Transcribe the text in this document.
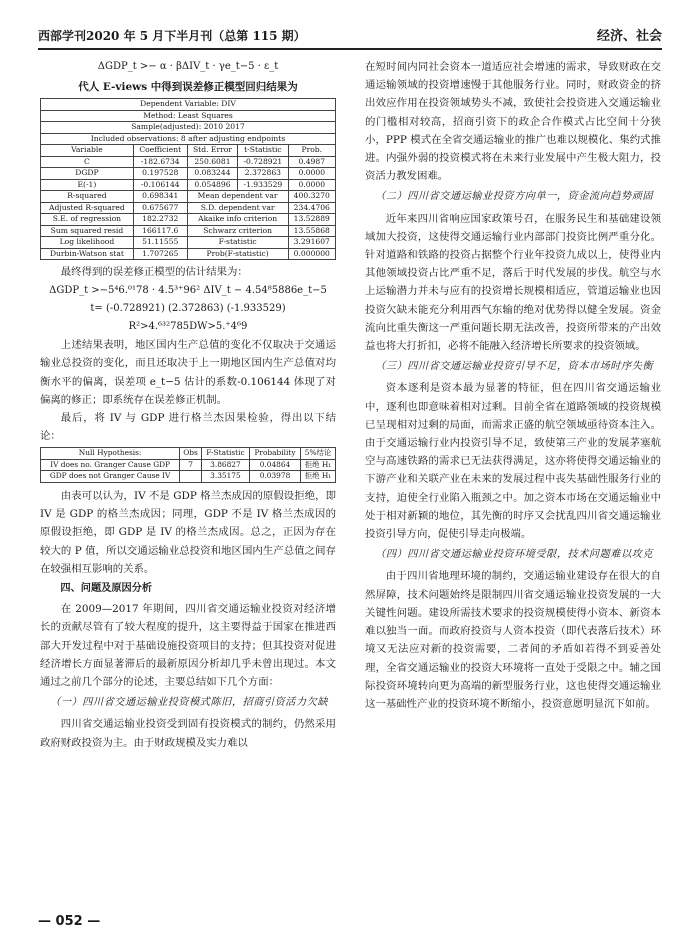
西部学刊2020 年 5 月下半月刊（总第 115 期）	经济、社会
ΔGDP_t >− α · βΔIV_t · γe_t−5 · ε_t
代人 E-views 中得到误差修正模型回归结果为
Dependent Variable: DIV				
Method: Least Squares				
Sample(adjusted): 2010 2017				
Included observations: 8 after adjusting endpoints				
Variable	Coefficient	Std. Error	t-Statistic	Prob.
C	-182.6734	250.6081	-0.728921	0.4987
DGDP	0.197528	0.083244	2.372863	0.0000
E(-1)	-0.106144	0.054896	-1.933529	0.0000
R-squared	0.698341	Mean dependent var		400.3270
Adjusted R-squared	0.675677	S.D. dependent var		234.4706
S.E. of regression	182.2732	Akaike info criterion		13.52889
Sum squared resid	166117.6	Schwarz criterion		13.55868
Log likelihood	51.11555	F-statistic		3.291607
Durbin-Watson stat	1.707265	Prob(F-statistic)		0.000000

最终得到的误差修正模型的估计结果为：

ΔGDP_t >−5⁴6.⁰¹78 · 4.5³⁺96² ΔIV_t − 4.54⁸5886e_t−5
t= (-0.728921) (2.372863) (-1.933529)
R²>4.⁶³²785DW>5.⁺4⁶9

上述结果表明，地区国内生产总值的变化不仅取决于交通运输业总投资的变化，而且还取决于上一期地区国内生产总值对均衡水平的偏离，误差项 e_t−5 估计的系数-0.106144 体现了对偏离的修正；即系统存在误差修正机制。

最后，将 IV 与 GDP 进行格兰杰因果检验，得出以下结论：

Null Hypothesis:	Obs	F-Statistic	Probability	5%结论
IV does no. Granger Cause GDP	7	3.86827	0.04864	拒绝 H₁
GDP does not Granger Cause IV		3.35175	0.03978	拒绝 H₁

由表可以认为，IV 不是 GDP 格兰杰成因的原假设拒绝，即 IV 是 GDP 的格兰杰成因；同理，GDP 不是 IV 格兰杰成因的原假设拒绝，即 GDP 是 IV 的格兰杰成因。总之，正因为存在较大的 P 值，所以交通运输业总投资和地区国内生产总值之间存在较强相互影响的关系。

四、问题及原因分析

在 2009—2017 年期间，四川省交通运输业投资对经济增长的贡献尽管有了较大程度的提升，这主要得益于国家在推进西部大开发过程中对于基础设施投资项目的支持；但其投资对促进经济增长方面显著滞后的最新原因分析却几乎未曾出现过。本文通过之前几个部分的论述，主要总结如下几个方面：

（一）四川省交通运输业投资模式陈旧，招商引资活力欠缺

四川省交通运输业投资受到固有投资模式的制约，仍然采用政府财政投资为主。由于财政规模及实力难以

在短时间内同社会资本一道适应社会增速的需求，导致财政在交通运输领域的投资增速慢于其他服务行业。同时，财政资金的挤出效应作用在投资领域势头不减，致使社会投资进入交通运输业的门槛相对较高，招商引资下的政企合作模式占比空间十分狭小，PPP 模式在全省交通运输业的推广也难以规模化、集约式推进。内强外弱的投资模式将在未来行业发展中产生极大阻力，投资活力教发困难。

（二）四川省交通运输业投资方向单一，资金流向趋势顽固

近年来四川省响应国家政策号召，在服务民生和基础建设领域加大投资，这使得交通运输行业内部部门投资比例严重分化。针对道路和铁路的投资占据整个行业年投资九成以上，使得业内其他领域投资占比严重不足，落后于时代发展的步伐。航空与水上运输潜力并未与应有的投资增长规模相适应，管道运输业也因投资欠缺未能充分利用西气东输的绝对优势得以健全发展。资金流向比重失衡这一严重问题长期无法改善，投资所带来的产出效益也将大打折扣，必将不能融入经济增长所要求的投资领域。

（三）四川省交通运输业投资引导不足，资本市场时序失衡

资本逐利是资本最为显著的特征，但在四川省交通运输业中，逐利也即意味着相对过剩。目前全省在道路领域的投资规模已呈现相对过剩的局面，而需求正盛的航空领域亟待资本注入。由于交通运输行业内投资引导不足，致使第三产业的发展茅塞航空与高速铁路的需求已无法获得满足，这亦将使得交通运输业的下游产业和关联产业在未来的发展过程中丧失基础性服务行业的支持，迫使全行业陷入瓶颈之中。加之资本市场在交通运输业中处于相对新颖的地位，其先衡的时序又会扰乱四川省交通运输业投资引导方向，促使引导走向极端。

（四）四川省交通运输业投资环境受限，技术问题难以攻克

由于四川省地理环境的制约，交通运输业建设存在很大的自然屏障，技术问题始终是限制四川省交通运输业投资发展的一大关键性问题。建设所需技术要求的投资规模使得小资本、新资本难以独当一面。而政府投资与人资本投资（即代表落后技术）环境又无法应对新的投资需要，二者间的矛盾如若得不到妥善处理，全省交通运输业的投资大环境将一直处于受限之中。辅之国际投资环境转向更为高端的新型服务行业，这也使得交通运输业这一基础性产业的投资环境不断缩小，投资意愿明显沉下如前。

— 052 —
